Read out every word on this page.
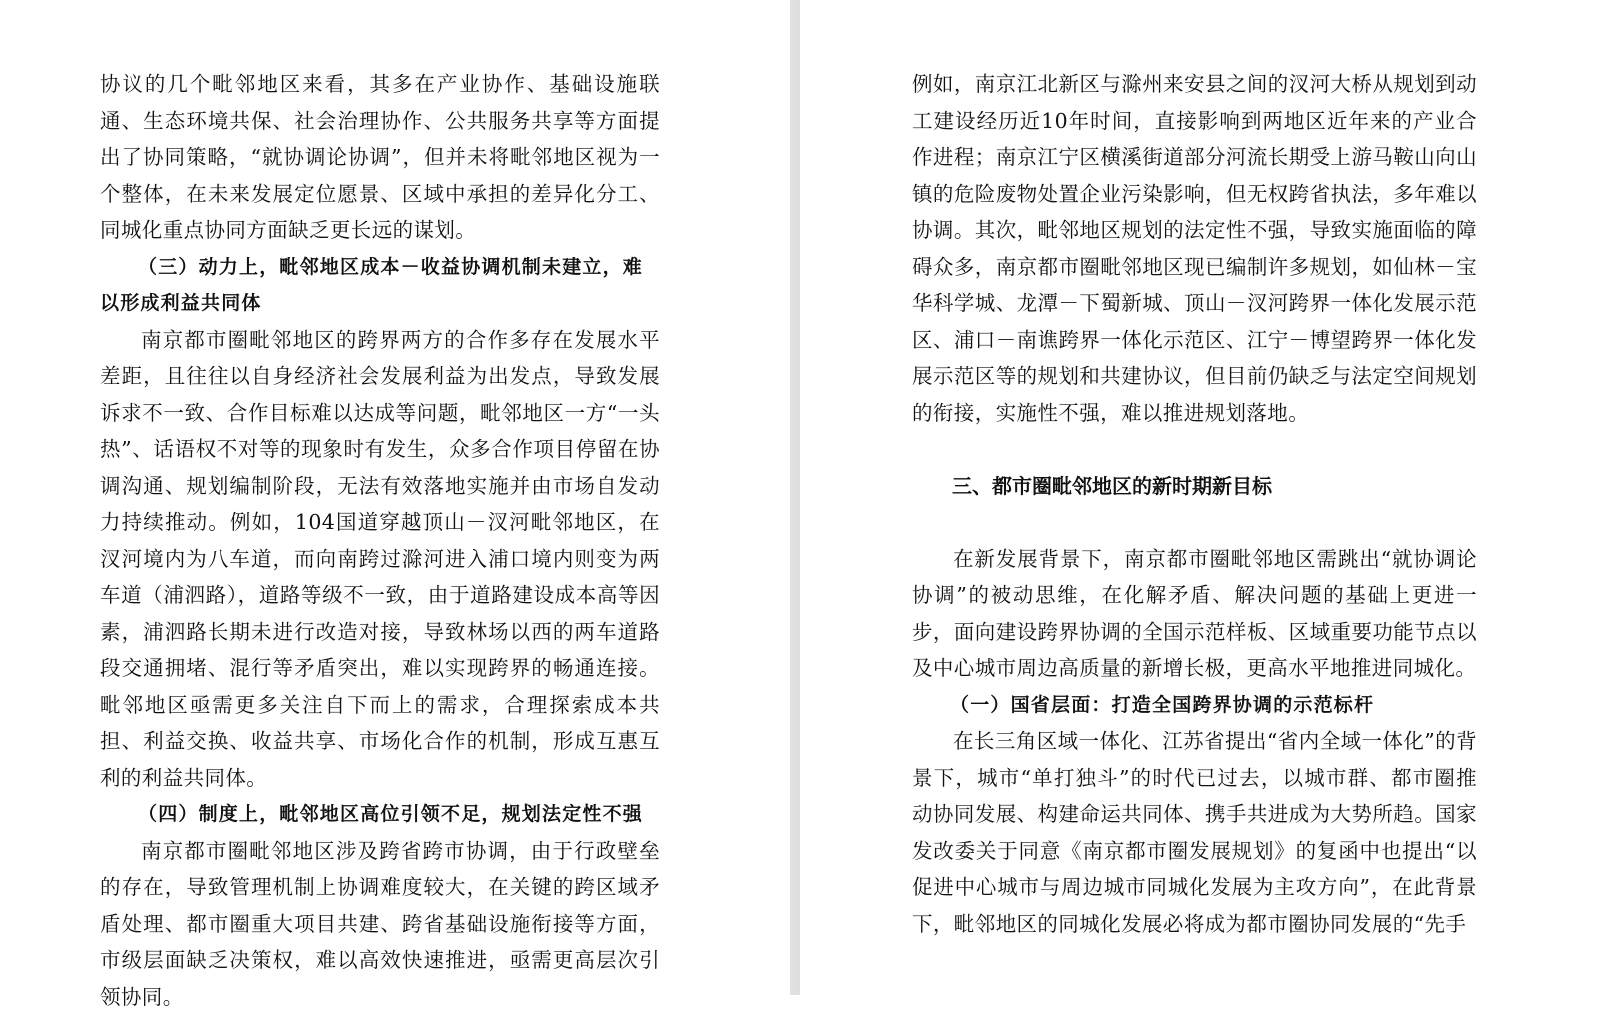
协议的几个毗邻地区来看，其多在产业协作、基础设施联通、生态环境共保、社会治理协作、公共服务共享等方面提出了协同策略，“就协调论协调”，但并未将毗邻地区视为一个整体，在未来发展定位愿景、区域中承担的差异化分工、同城化重点协同方面缺乏更长远的谋划。

（三）动力上，毗邻地区成本－收益协调机制未建立，难以形成利益共同体

南京都市圈毗邻地区的跨界两方的合作多存在发展水平差距，且往往以自身经济社会发展利益为出发点，导致发展诉求不一致、合作目标难以达成等问题，毗邻地区一方“一头热”、话语权不对等的现象时有发生，众多合作项目停留在协调沟通、规划编制阶段，无法有效落地实施并由市场自发动力持续推动。例如，104国道穿越顶山－汊河毗邻地区，在汊河境内为八车道，而向南跨过滁河进入浦口境内则变为两车道（浦泗路），道路等级不一致，由于道路建设成本高等因素，浦泗路长期未进行改造对接，导致林场以西的两车道路段交通拥堵、混行等矛盾突出，难以实现跨界的畅通连接。毗邻地区亟需更多关注自下而上的需求，合理探索成本共担、利益交换、收益共享、市场化合作的机制，形成互惠互利的利益共同体。

（四）制度上，毗邻地区高位引领不足，规划法定性不强

南京都市圈毗邻地区涉及跨省跨市协调，由于行政壁垒的存在，导致管理机制上协调难度较大，在关键的跨区域矛盾处理、都市圈重大项目共建、跨省基础设施衔接等方面，市级层面缺乏决策权，难以高效快速推进，亟需更高层次引领协同。

例如，南京江北新区与滁州来安县之间的汊河大桥从规划到动工建设经历近10年时间，直接影响到两地区近年来的产业合作进程；南京江宁区横溪街道部分河流长期受上游马鞍山向山镇的危险废物处置企业污染影响，但无权跨省执法，多年难以协调。其次，毗邻地区规划的法定性不强，导致实施面临的障碍众多，南京都市圈毗邻地区现已编制许多规划，如仙林－宝华科学城、龙潭－下蜀新城、顶山－汊河跨界一体化发展示范区、浦口－南谯跨界一体化示范区、江宁－博望跨界一体化发展示范区等的规划和共建协议，但目前仍缺乏与法定空间规划的衔接，实施性不强，难以推进规划落地。

三、都市圈毗邻地区的新时期新目标

在新发展背景下，南京都市圈毗邻地区需跳出“就协调论协调”的被动思维，在化解矛盾、解决问题的基础上更进一步，面向建设跨界协调的全国示范样板、区域重要功能节点以及中心城市周边高质量的新增长极，更高水平地推进同城化。

（一）国省层面：打造全国跨界协调的示范标杆

在长三角区域一体化、江苏省提出“省内全域一体化”的背景下，城市“单打独斗”的时代已过去，以城市群、都市圈推动协同发展、构建命运共同体、携手共进成为大势所趋。国家发改委关于同意《南京都市圈发展规划》的复函中也提出“以促进中心城市与周边城市同城化发展为主攻方向”，在此背景下，毗邻地区的同城化发展必将成为都市圈协同发展的“先手
